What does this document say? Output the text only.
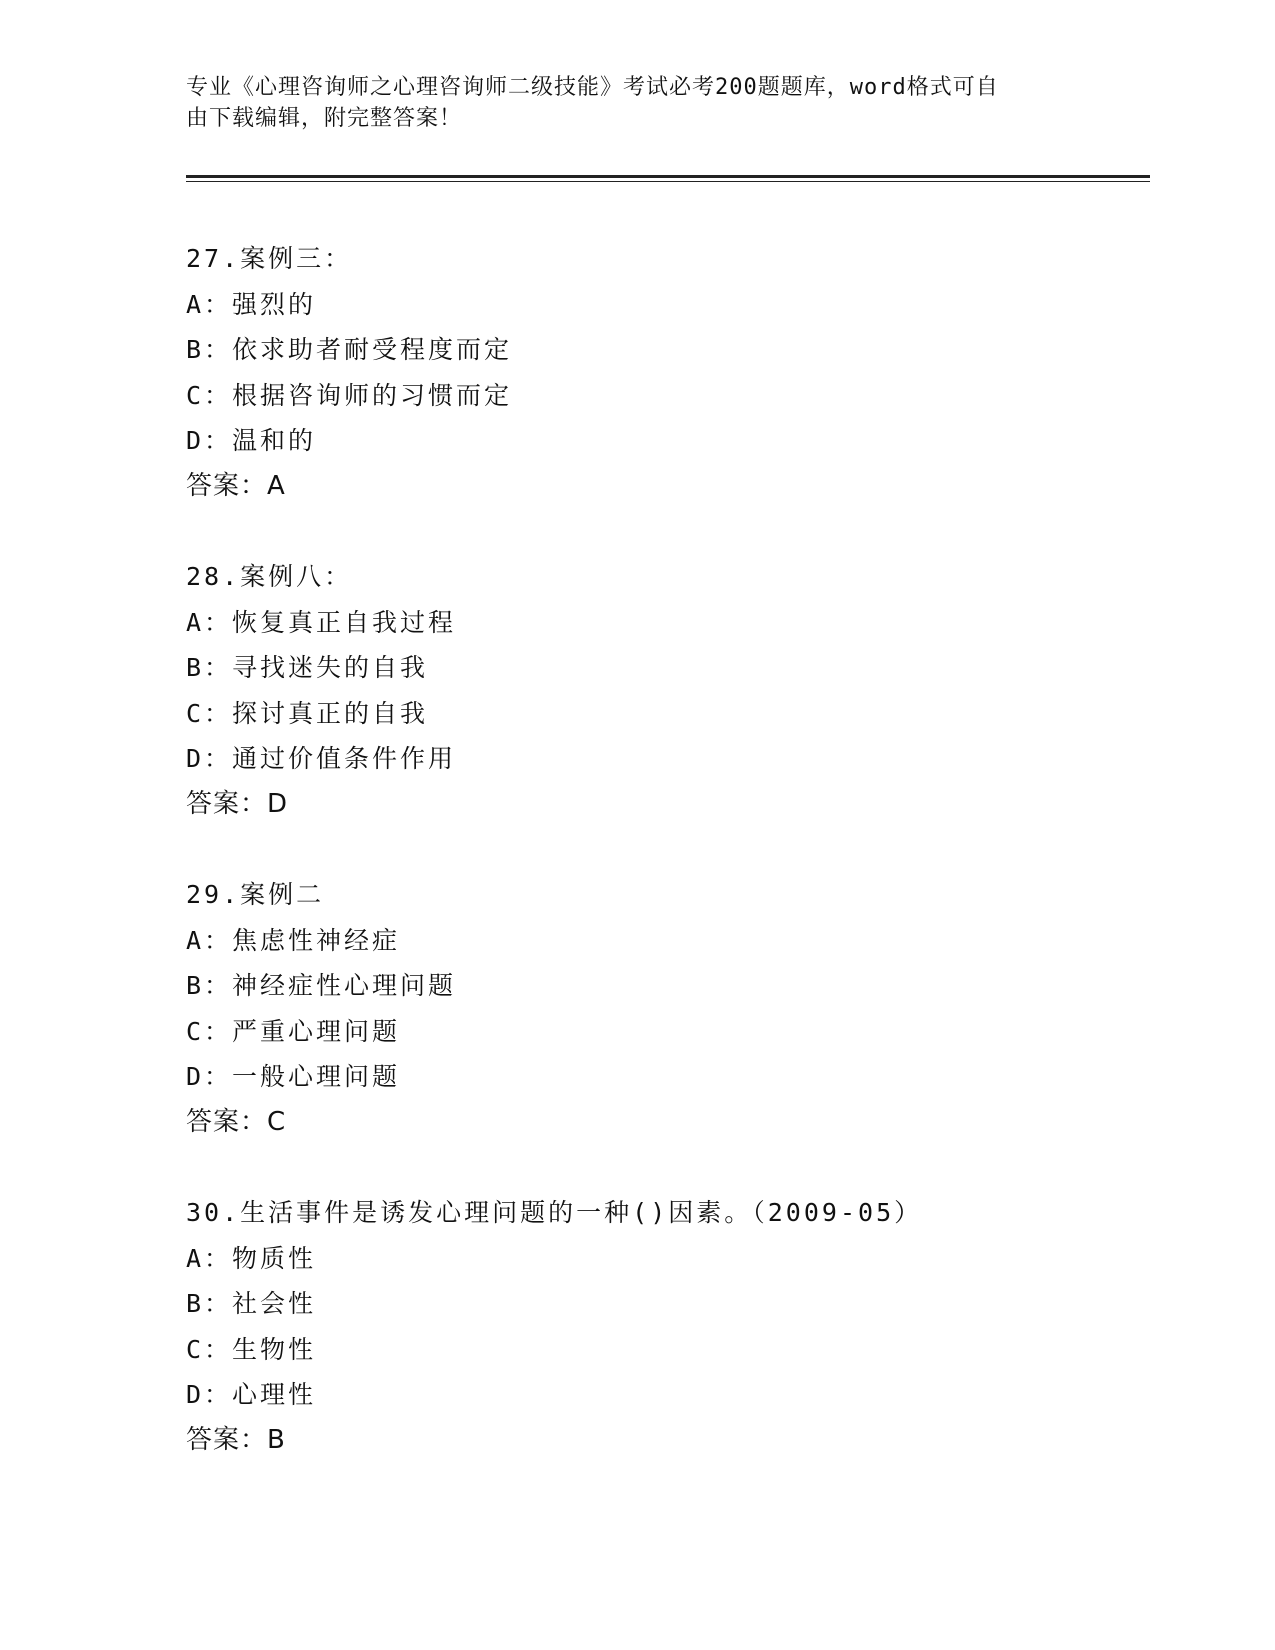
专业《心理咨询师之心理咨询师二级技能》考试必考200题题库，word格式可自
由下载编辑，附完整答案！
27.案例三：
A：强烈的
B：依求助者耐受程度而定
C：根据咨询师的习惯而定
D：温和的
答案：A
28.案例八：
A：恢复真正自我过程
B：寻找迷失的自我
C：探讨真正的自我
D：通过价值条件作用
答案：D
29.案例二
A：焦虑性神经症
B：神经症性心理问题
C：严重心理问题
D：一般心理问题
答案：C
30.生活事件是诱发心理问题的一种()因素。（2009-05）
A：物质性
B：社会性
C：生物性
D：心理性
答案：B
